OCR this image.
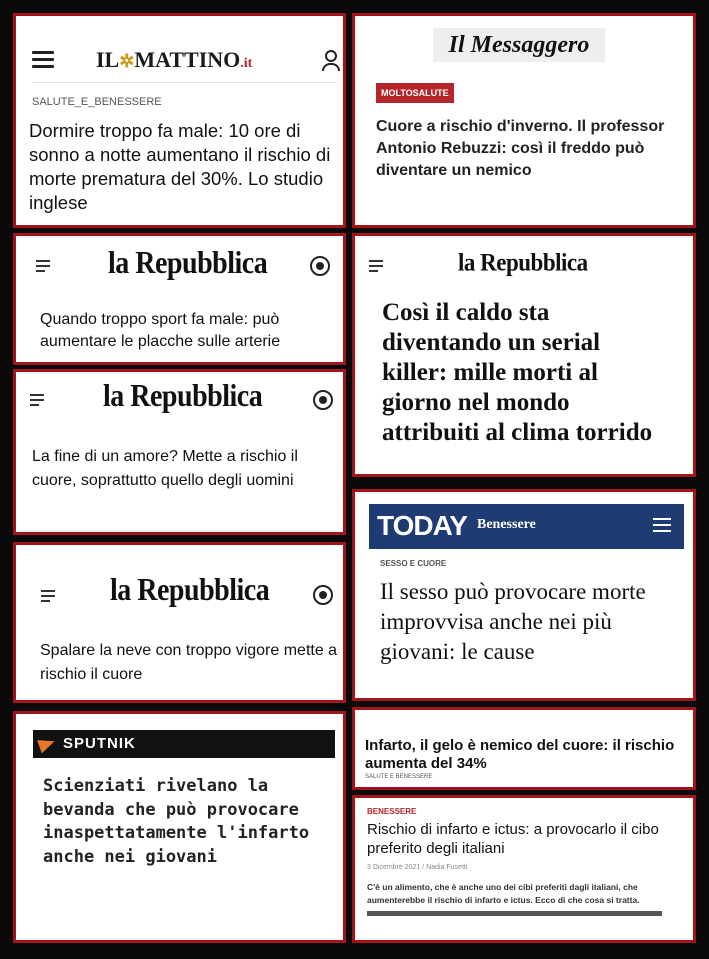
IL✲MATTINO.it
SALUTE_E_BENESSERE
Dormire troppo fa male: 10 ore di sonno a notte aumentano il rischio di morte prematura del 30%. Lo studio inglese
Il Messaggero
MOLTOSALUTE
Cuore a rischio d'inverno. Il professor Antonio Rebuzzi: così il freddo può diventare un nemico
la Repubblica
Quando troppo sport fa male: può aumentare le placche sulle arterie
la Repubblica
Così il caldo sta diventando un serial killer: mille morti al giorno nel mondo attribuiti al clima torrido
la Repubblica
La fine di un amore? Mette a rischio il cuore, soprattutto quello degli uomini
TODAY Benessere
SESSO E CUORE
Il sesso può provocare morte improvvisa anche nei più giovani: le cause
la Repubblica
Spalare la neve con troppo vigore mette a rischio il cuore
SPUTNIK
Scienziati rivelano la bevanda che può provocare inaspettatamente l'infarto anche nei giovani
Infarto, il gelo è nemico del cuore: il rischio aumenta del 34%
SALUTE E BENESSERE
BENESSERE
Rischio di infarto e ictus: a provocarlo il cibo preferito degli italiani
3 Dicembre 2021 / Nadia Fusetti
C'è un alimento, che è anche uno dei cibi preferiti dagli italiani, che aumenterebbe il rischio di infarto e ictus. Ecco di che cosa si tratta.
